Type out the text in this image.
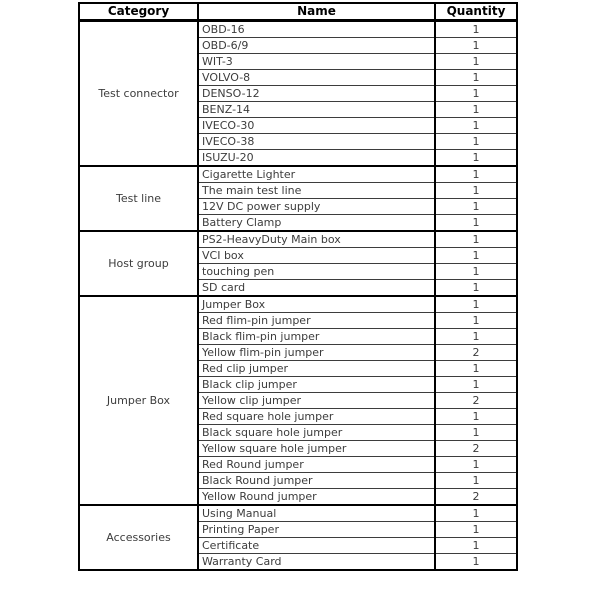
Category	Name	Quantity
Test connector	OBD-16	1
	OBD-6/9	1
	WIT-3	1
	VOLVO-8	1
	DENSO-12	1
	BENZ-14	1
	IVECO-30	1
	IVECO-38	1
	ISUZU-20	1
Test line	Cigarette Lighter	1
	The main test line	1
	12V DC power supply	1
	Battery Clamp	1
Host group	PS2-HeavyDuty Main box	1
	VCI box	1
	touching pen	1
	SD card	1
Jumper Box	Jumper Box	1
	Red flim-pin jumper	1
	Black flim-pin jumper	1
	Yellow flim-pin jumper	2
	Red clip jumper	1
	Black clip jumper	1
	Yellow clip jumper	2
	Red square hole jumper	1
	Black square hole jumper	1
	Yellow square hole jumper	2
	Red Round jumper	1
	Black Round jumper	1
	Yellow Round jumper	2
Accessories	Using Manual	1
	Printing Paper	1
	Certificate	1
	Warranty Card	1
